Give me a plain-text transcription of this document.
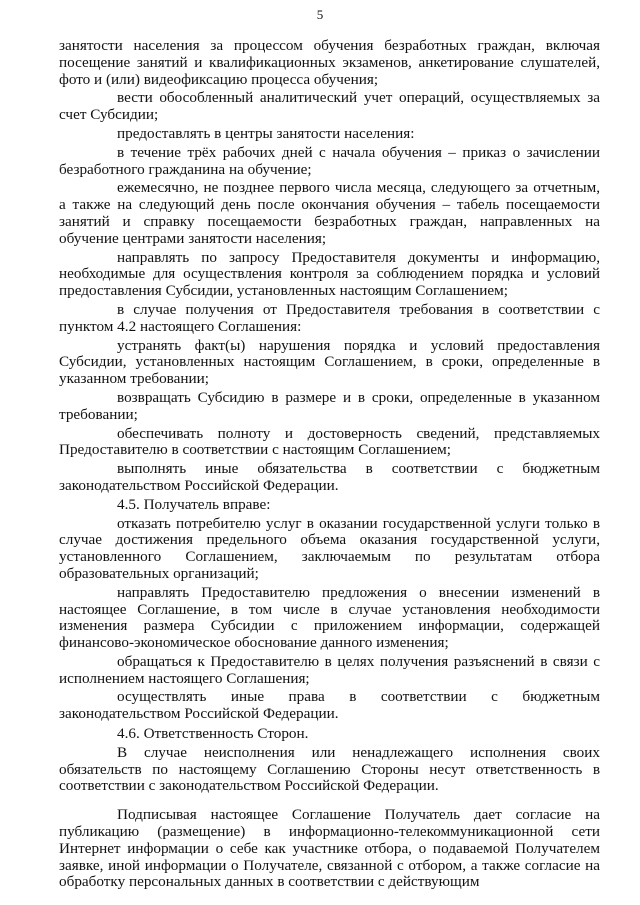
5

занятости населения за процессом обучения безработных граждан, включая посещение занятий и квалификационных экзаменов, анкетирование слушателей, фото и (или) видеофиксацию процесса обучения;

вести обособленный аналитический учет операций, осуществляемых за счет Субсидии;

предоставлять в центры занятости населения:

в течение трёх рабочих дней с начала обучения – приказ о зачислении безработного гражданина на обучение;

ежемесячно, не позднее первого числа месяца, следующего за отчетным, а также на следующий день после окончания обучения – табель посещаемости занятий и справку посещаемости безработных граждан, направленных на обучение центрами занятости населения;

направлять по запросу Предоставителя документы и информацию, необходимые для осуществления контроля за соблюдением порядка и условий предоставления Субсидии, установленных настоящим Соглашением;

в случае получения от Предоставителя требования в соответствии с пунктом 4.2 настоящего Соглашения:

устранять факт(ы) нарушения порядка и условий предоставления Субсидии, установленных настоящим Соглашением, в сроки, определенные в указанном требовании;

возвращать Субсидию в размере и в сроки, определенные в указанном требовании;

обеспечивать полноту и достоверность сведений, представляемых Предоставителю в соответствии с настоящим Соглашением;

выполнять иные обязательства в соответствии с бюджетным законодательством Российской Федерации.

4.5. Получатель вправе:

отказать потребителю услуг в оказании государственной услуги только в случае достижения предельного объема оказания государственной услуги, установленного Соглашением, заключаемым по результатам отбора образовательных организаций;

направлять Предоставителю предложения о внесении изменений в настоящее Соглашение, в том числе в случае установления необходимости изменения размера Субсидии с приложением информации, содержащей финансово-экономическое обоснование данного изменения;

обращаться к Предоставителю в целях получения разъяснений в связи с исполнением настоящего Соглашения;

осуществлять иные права в соответствии с бюджетным законодательством Российской Федерации.

4.6. Ответственность Сторон.

В случае неисполнения или ненадлежащего исполнения своих обязательств по настоящему Соглашению Стороны несут ответственность в соответствии с законодательством Российской Федерации.

Подписывая настоящее Соглашение Получатель дает согласие на публикацию (размещение) в информационно-телекоммуникационной сети Интернет информации о себе как участнике отбора, о подаваемой Получателем заявке, иной информации о Получателе, связанной с отбором, а также согласие на обработку персональных данных в соответствии с действующим
